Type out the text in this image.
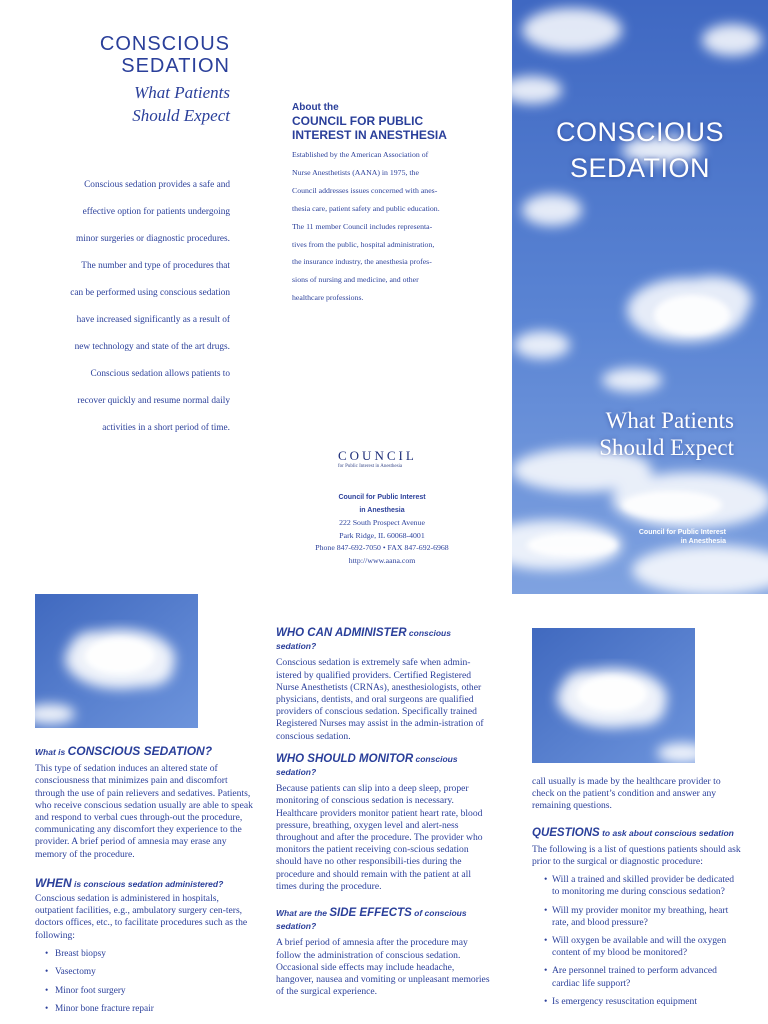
CONSCIOUS
SEDATION
What Patients
Should Expect

Conscious sedation provides a safe and

effective option for patients undergoing

minor surgeries or diagnostic procedures.

The number and type of procedures that

can be performed using conscious sedation

have increased significantly as a result of

new technology and state of the art drugs.

Conscious sedation allows patients to

recover quickly and resume normal daily

activities in a short period of time.

About the
COUNCIL FOR PUBLIC
INTEREST IN ANESTHESIA
Established by the American Association of
Nurse Anesthetists (AANA) in 1975, the
Council addresses issues concerned with anes-
thesia care, patient safety and public education.
The 11 member Council includes representa-
tives from the public, hospital administration,
the insurance industry, the anesthesia profes-
sions of nursing and medicine, and other
healthcare professions.
COUNCIL
for Public Interest in Anesthesia
Council for Public Interest
in Anesthesia
222 South Prospect Avenue
Park Ridge, IL 60068-4001
Phone 847-692-7050 • FAX 847-692-6968
http://www.aana.com
CONSCIOUS
SEDATION
What Patients
Should Expect
Council for Public Interest
in Anesthesia
What is CONSCIOUS SEDATION?

This type of sedation induces an altered state of consciousness that minimizes pain and discomfort through the use of pain relievers and sedatives. Patients, who receive conscious sedation usually are able to speak and respond to verbal cues through-out the procedure, communicating any discomfort they experience to the provider. A brief period of amnesia may erase any memory of the procedure.

WHEN is conscious sedation administered?

Conscious sedation is administered in hospitals, outpatient facilities, e.g., ambulatory surgery cen-ters, doctors offices, etc., to facilitate procedures such as the following:

• Breast biopsy
• Vasectomy
• Minor foot surgery
• Minor bone fracture repair
WHO CAN ADMINISTER conscious sedation?

Conscious sedation is extremely safe when admin-istered by qualified providers. Certified Registered Nurse Anesthetists (CRNAs), anesthesiologists, other physicians, dentists, and oral surgeons are qualified providers of conscious sedation. Specifically trained Registered Nurses may assist in the admin-istration of conscious sedation.

WHO SHOULD MONITOR conscious sedation?

Because patients can slip into a deep sleep, proper monitoring of conscious sedation is necessary. Healthcare providers monitor patient heart rate, blood pressure, breathing, oxygen level and alert-ness throughout and after the procedure. The provider who monitors the patient receiving con-scious sedation should have no other responsibili-ties during the procedure and should remain with the patient at all times during the procedure.

What are the SIDE EFFECTS of conscious sedation?

A brief period of amnesia after the procedure may follow the administration of conscious sedation. Occasional side effects may include headache, hangover, nausea and vomiting or unpleasant memories of the surgical experience.

call usually is made by the healthcare provider to check on the patient’s condition and answer any remaining questions.

QUESTIONS to ask about conscious sedation

The following is a list of questions patients should ask prior to the surgical or diagnostic procedure:

• Will a trained and skilled provider be dedicated to monitoring me during conscious sedation?
• Will my provider monitor my breathing, heart rate, and blood pressure?
• Will oxygen be available and will the oxygen content of my blood be monitored?
• Are personnel trained to perform advanced cardiac life support?
• Is emergency resuscitation equipment
